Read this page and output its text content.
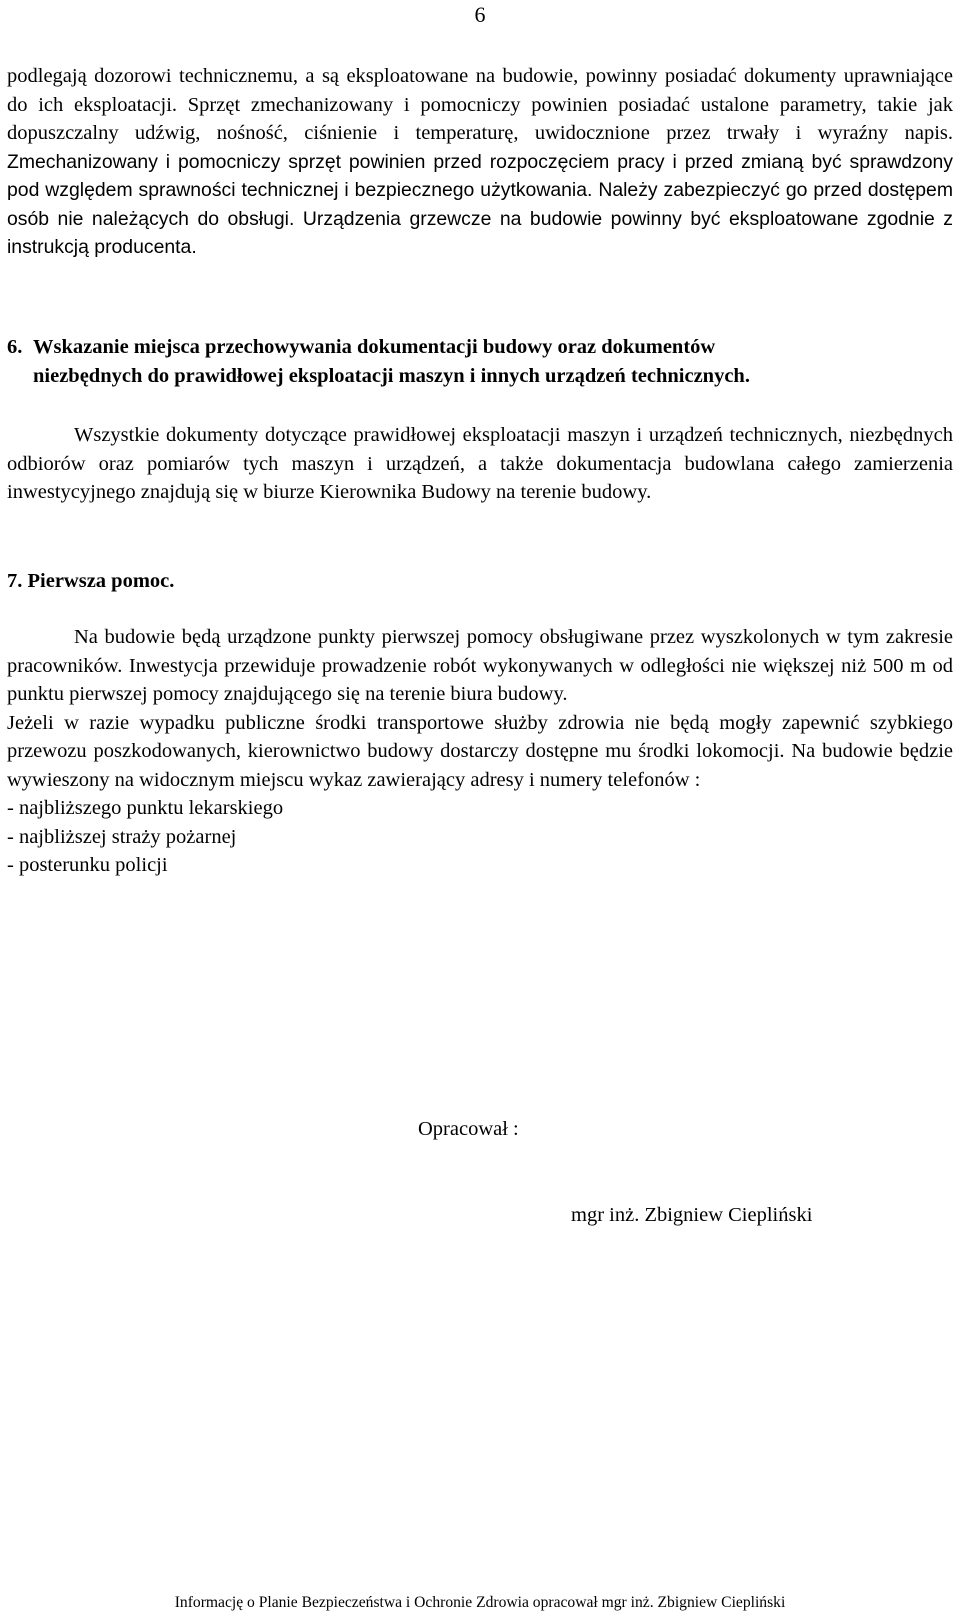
6

podlegają dozorowi technicznemu, a są eksploatowane na budowie, powinny posiadać dokumenty uprawniające do ich eksploatacji. Sprzęt zmechanizowany i pomocniczy powinien posiadać ustalone parametry, takie jak dopuszczalny udźwig, nośność, ciśnienie i temperaturę, uwidocznione przez trwały i wyraźny napis. Zmechanizowany i pomocniczy sprzęt powinien przed rozpoczęciem pracy i przed zmianą być sprawdzony pod względem sprawności technicznej i bezpiecznego użytkowania. Należy zabezpieczyć go przed dostępem osób nie należących do obsługi. Urządzenia grzewcze na budowie powinny być eksploatowane zgodnie z instrukcją producenta.

6. Wskazanie miejsca przechowywania dokumentacji budowy oraz dokumentów
niezbędnych do prawidłowej eksploatacji maszyn i innych urządzeń technicznych.

Wszystkie dokumenty dotyczące prawidłowej eksploatacji maszyn i urządzeń technicznych, niezbędnych odbiorów oraz pomiarów tych maszyn i urządzeń, a także dokumentacja budowlana całego zamierzenia inwestycyjnego znajdują się w biurze Kierownika Budowy na terenie budowy.

7. Pierwsza pomoc.

Na budowie będą urządzone punkty pierwszej pomocy obsługiwane przez wyszkolonych w tym zakresie pracowników. Inwestycja przewiduje prowadzenie robót wykonywanych w odległości nie większej niż 500 m od punktu pierwszej pomocy znajdującego się na terenie biura budowy.

Jeżeli w razie wypadku publiczne środki transportowe służby zdrowia nie będą mogły zapewnić szybkiego przewozu poszkodowanych, kierownictwo budowy dostarczy dostępne mu środki lokomocji. Na budowie będzie wywieszony na widocznym miejscu wykaz zawierający adresy i numery telefonów :

- najbliższego punktu lekarskiego
- najbliższej straży pożarnej
- posterunku policji
Opracował :
mgr inż. Zbigniew Ciepliński
Informację o Planie Bezpieczeństwa i Ochronie Zdrowia opracował mgr inż. Zbigniew Ciepliński
